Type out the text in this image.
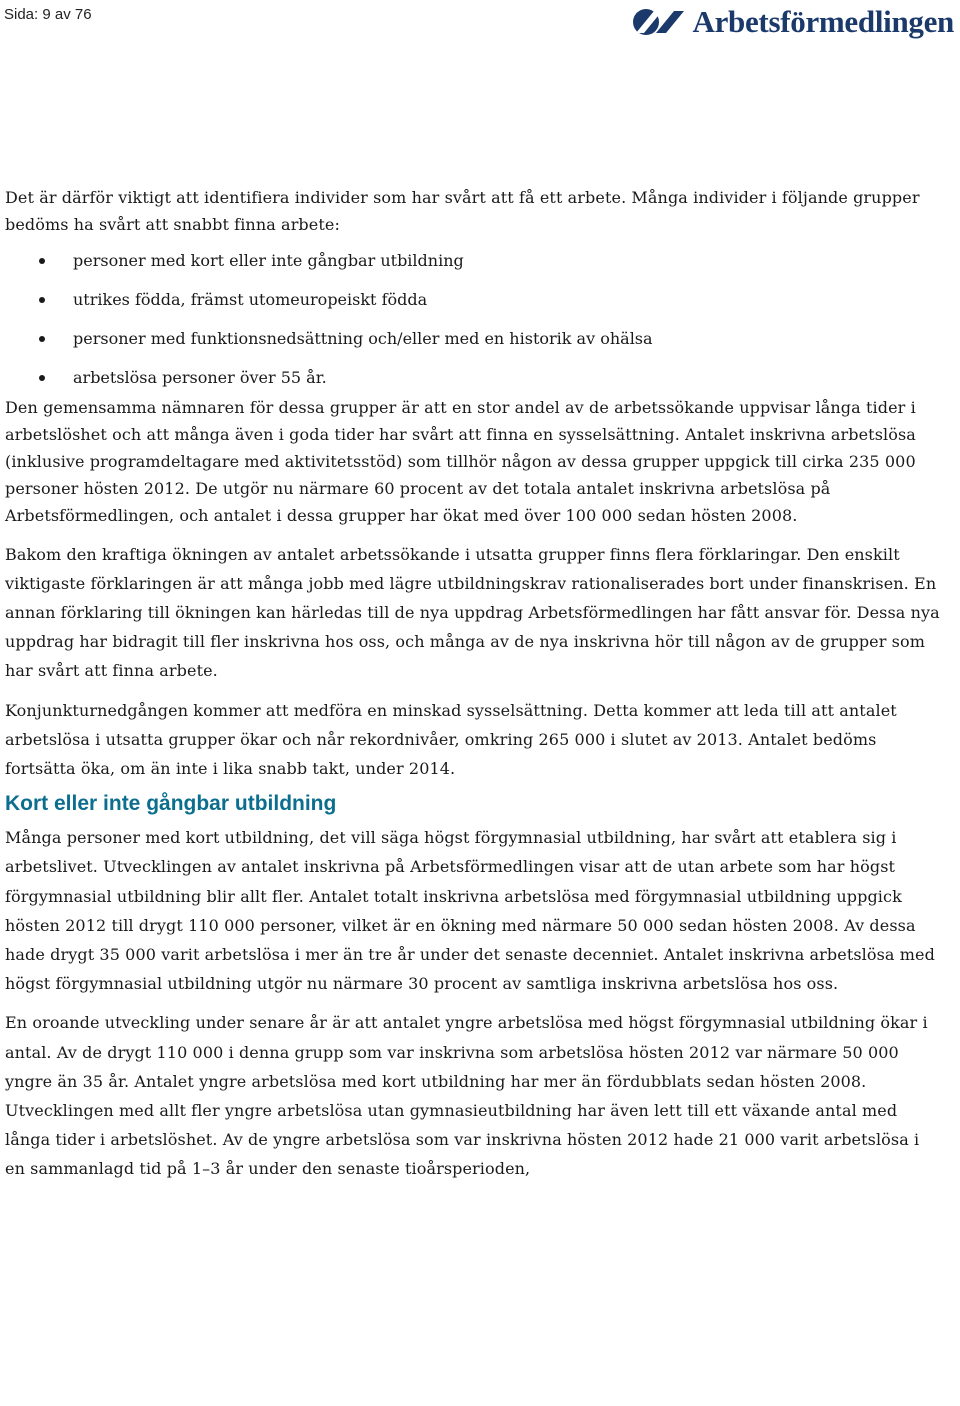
Sida: 9 av 76	Arbetsförmedlingen

Det är därför viktigt att identifiera individer som har svårt att få ett arbete. Många individer i följande grupper bedöms ha svårt att snabbt finna arbete:

personer med kort eller inte gångbar utbildning
utrikes födda, främst utomeuropeiskt födda
personer med funktionsnedsättning och/eller med en historik av ohälsa
arbetslösa personer över 55 år.

Den gemensamma nämnaren för dessa grupper är att en stor andel av de arbetssökande uppvisar långa tider i arbetslöshet och att många även i goda tider har svårt att finna en sysselsättning. Antalet inskrivna arbetslösa (inklusive programdeltagare med aktivitetsstöd) som tillhör någon av dessa grupper uppgick till cirka 235 000 personer hösten 2012. De utgör nu närmare 60 procent av det totala antalet inskrivna arbetslösa på Arbetsförmedlingen, och antalet i dessa grupper har ökat med över 100 000 sedan hösten 2008.

Bakom den kraftiga ökningen av antalet arbetssökande i utsatta grupper finns flera förklaringar. Den enskilt viktigaste förklaringen är att många jobb med lägre utbildningskrav rationaliserades bort under finanskrisen. En annan förklaring till ökningen kan härledas till de nya uppdrag Arbetsförmedlingen har fått ansvar för. Dessa nya uppdrag har bidragit till fler inskrivna hos oss, och många av de nya inskrivna hör till någon av de grupper som har svårt att finna arbete.

Konjunkturnedgången kommer att medföra en minskad sysselsättning. Detta kommer att leda till att antalet arbetslösa i utsatta grupper ökar och når rekordnivåer, omkring 265 000 i slutet av 2013. Antalet bedöms fortsätta öka, om än inte i lika snabb takt, under 2014.

Kort eller inte gångbar utbildning

Många personer med kort utbildning, det vill säga högst förgymnasial utbildning, har svårt att etablera sig i arbetslivet. Utvecklingen av antalet inskrivna på Arbetsförmedlingen visar att de utan arbete som har högst förgymnasial utbildning blir allt fler. Antalet totalt inskrivna arbetslösa med förgymnasial utbildning uppgick hösten 2012 till drygt 110 000 personer, vilket är en ökning med närmare 50 000 sedan hösten 2008. Av dessa hade drygt 35 000 varit arbetslösa i mer än tre år under det senaste decenniet. Antalet inskrivna arbetslösa med högst förgymnasial utbildning utgör nu närmare 30 procent av samtliga inskrivna arbetslösa hos oss.

En oroande utveckling under senare år är att antalet yngre arbetslösa med högst förgymnasial utbildning ökar i antal. Av de drygt 110 000 i denna grupp som var inskrivna som arbetslösa hösten 2012 var närmare 50 000 yngre än 35 år. Antalet yngre arbetslösa med kort utbildning har mer än fördubblats sedan hösten 2008. Utvecklingen med allt fler yngre arbetslösa utan gymnasieutbildning har även lett till ett växande antal med långa tider i arbetslöshet. Av de yngre arbetslösa som var inskrivna hösten 2012 hade 21 000 varit arbetslösa i en sammanlagd tid på 1–3 år under den senaste tioårsperioden,
